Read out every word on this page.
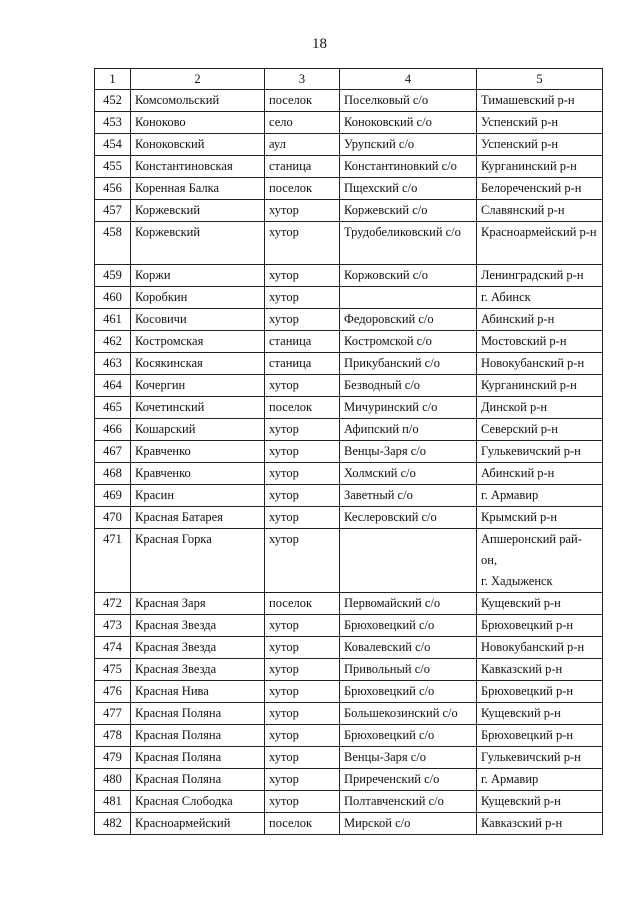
18
1	2	3	4	5
452	Комсомольский	поселок	Поселковый с/о	Тимашевский р-н
453	Коноково	село	Коноковский с/о	Успенский р-н
454	Коноковский	аул	Урупский с/о	Успенский р-н
455	Константиновская	станица	Константиновкий с/о	Курганинский р-н
456	Коренная Балка	поселок	Пщехский с/о	Белореченский р-н
457	Коржевский	хутор	Коржевский с/о	Славянский р-н
458	Коржевский	хутор	Трудобеликовский с/о	Красноармейский р-н
459	Коржи	хутор	Коржовский с/о	Ленинградский р-н
460	Коробкин	хутор		г. Абинск
461	Косовичи	хутор	Федоровский с/о	Абинский р-н
462	Костромская	станица	Костромской с/о	Мостовский р-н
463	Косякинская	станица	Прикубанский с/о	Новокубанский р-н
464	Кочергин	хутор	Безводный с/о	Курганинский р-н
465	Кочетинский	поселок	Мичуринский с/о	Динской р-н
466	Кошарский	хутор	Афипский п/о	Северский р-н
467	Кравченко	хутор	Венцы-Заря с/о	Гулькевичский р-н
468	Кравченко	хутор	Холмский с/о	Абинский р-н
469	Красин	хутор	Заветный с/о	г. Армавир
470	Красная Батарея	хутор	Кеслеровский с/о	Крымский р-н
471	Красная Горка	хутор		Апшеронский рай-
он,
г. Хадыженск
472	Красная Заря	поселок	Первомайский с/о	Кущевский р-н
473	Красная Звезда	хутор	Брюховецкий с/о	Брюховецкий р-н
474	Красная Звезда	хутор	Ковалевский с/о	Новокубанский р-н
475	Красная Звезда	хутор	Привольный с/о	Кавказский р-н
476	Красная Нива	хутор	Брюховецкий с/о	Брюховецкий р-н
477	Красная Поляна	хутор	Большекозинский с/о	Кущевский р-н
478	Красная Поляна	хутор	Брюховецкий с/о	Брюховецкий р-н
479	Красная Поляна	хутор	Венцы-Заря с/о	Гулькевичский р-н
480	Красная Поляна	хутор	Приреченский с/о	г. Армавир
481	Красная Слободка	хутор	Полтавченский с/о	Кущевский р-н
482	Красноармейский	поселок	Мирской с/о	Кавказский р-н
